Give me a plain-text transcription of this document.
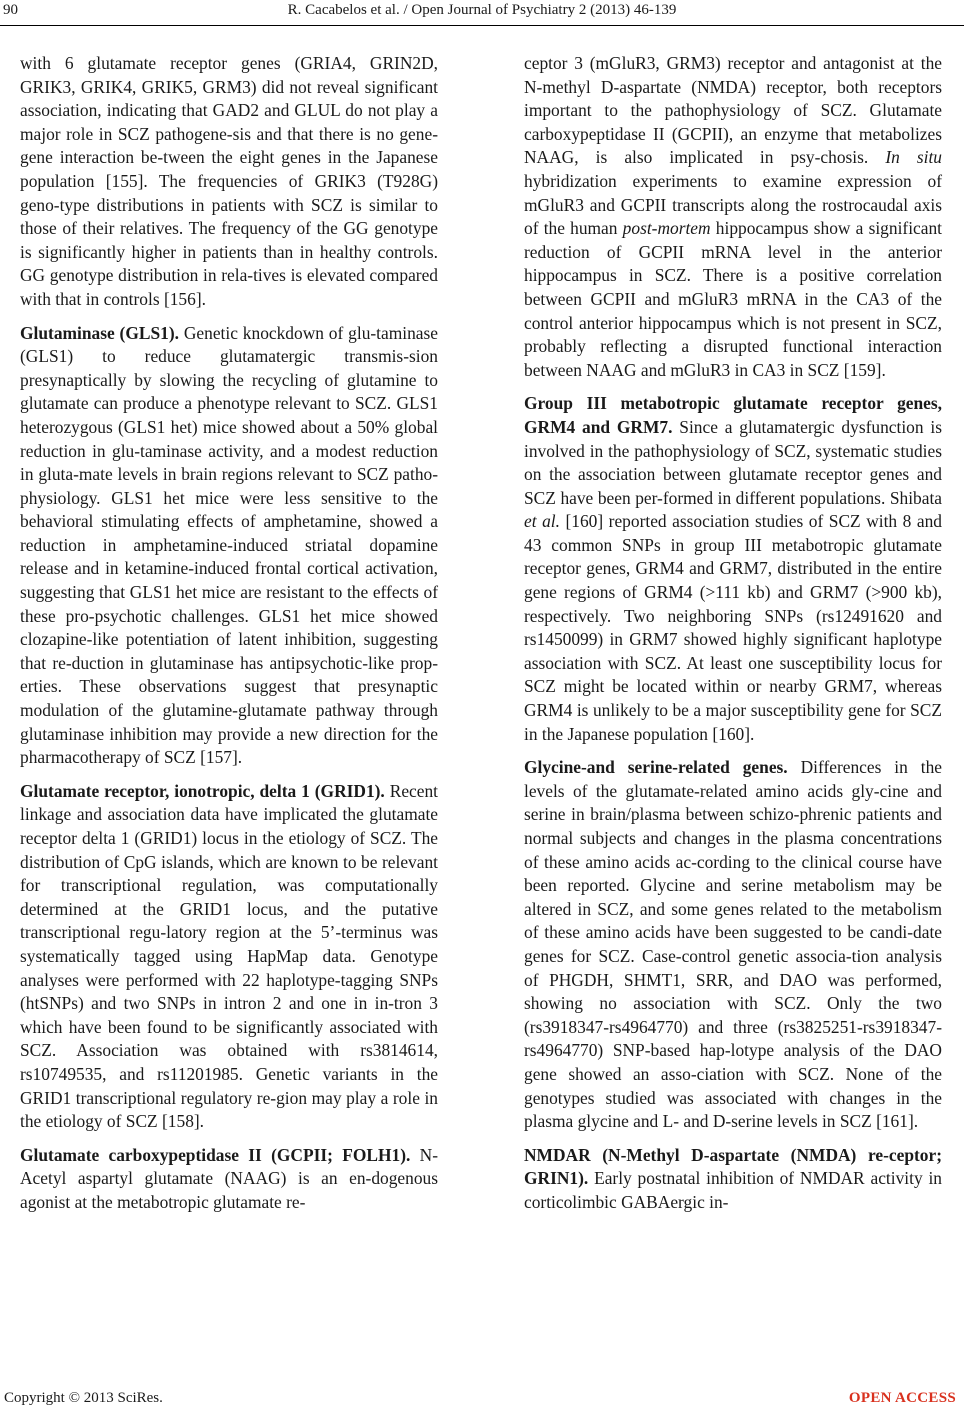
90	R. Cacabelos et al. / Open Journal of Psychiatry 2 (2013) 46-139

with 6 glutamate receptor genes (GRIA4, GRIN2D, GRIK3, GRIK4, GRIK5, GRM3) did not reveal significant association, indicating that GAD2 and GLUL do not play a major role in SCZ pathogene-sis and that there is no gene-gene interaction be-tween the eight genes in the Japanese population [155]. The frequencies of GRIK3 (T928G) geno-type distributions in patients with SCZ is similar to those of their relatives. The frequency of the GG genotype is significantly higher in patients than in healthy controls. GG genotype distribution in rela-tives is elevated compared with that in controls [156].

Glutaminase (GLS1). Genetic knockdown of glu-taminase (GLS1) to reduce glutamatergic transmis-sion presynaptically by slowing the recycling of glutamine to glutamate can produce a phenotype relevant to SCZ. GLS1 heterozygous (GLS1 het) mice showed about a 50% global reduction in glu-taminase activity, and a modest reduction in gluta-mate levels in brain regions relevant to SCZ patho-physiology. GLS1 het mice were less sensitive to the behavioral stimulating effects of amphetamine, showed a reduction in amphetamine-induced striatal dopamine release and in ketamine-induced frontal cortical activation, suggesting that GLS1 het mice are resistant to the effects of these pro-psychotic challenges. GLS1 het mice showed clozapine-like potentiation of latent inhibition, suggesting that re-duction in glutaminase has antipsychotic-like prop-erties. These observations suggest that presynaptic modulation of the glutamine-glutamate pathway through glutaminase inhibition may provide a new direction for the pharmacotherapy of SCZ [157].

Glutamate receptor, ionotropic, delta 1 (GRID1). Recent linkage and association data have implicated the glutamate receptor delta 1 (GRID1) locus in the etiology of SCZ. The distribution of CpG islands, which are known to be relevant for transcriptional regulation, was computationally determined at the GRID1 locus, and the putative transcriptional regu-latory region at the 5’-terminus was systematically tagged using HapMap data. Genotype analyses were performed with 22 haplotype-tagging SNPs (htSNPs) and two SNPs in intron 2 and one in in-tron 3 which have been found to be significantly associated with SCZ. Association was obtained with rs3814614, rs10749535, and rs11201985. Genetic variants in the GRID1 transcriptional regulatory re-gion may play a role in the etiology of SCZ [158].

Glutamate carboxypeptidase II (GCPII; FOLH1). N-Acetyl aspartyl glutamate (NAAG) is an en-dogenous agonist at the metabotropic glutamate re-

ceptor 3 (mGluR3, GRM3) receptor and antagonist at the N-methyl D-aspartate (NMDA) receptor, both receptors important to the pathophysiology of SCZ. Glutamate carboxypeptidase II (GCPII), an enzyme that metabolizes NAAG, is also implicated in psy-chosis. In situ hybridization experiments to examine expression of mGluR3 and GCPII transcripts along the rostrocaudal axis of the human post-mortem hippocampus show a significant reduction of GCPII mRNA level in the anterior hippocampus in SCZ. There is a positive correlation between GCPII and mGluR3 mRNA in the CA3 of the control anterior hippocampus which is not present in SCZ, probably reflecting a disrupted functional interaction between NAAG and mGluR3 in CA3 in SCZ [159].

Group III metabotropic glutamate receptor genes, GRM4 and GRM7. Since a glutamatergic dysfunction is involved in the pathophysiology of SCZ, systematic studies on the association between glutamate receptor genes and SCZ have been per-formed in different populations. Shibata et al. [160] reported association studies of SCZ with 8 and 43 common SNPs in group III metabotropic glutamate receptor genes, GRM4 and GRM7, distributed in the entire gene regions of GRM4 (>111 kb) and GRM7 (>900 kb), respectively. Two neighboring SNPs (rs12491620 and rs1450099) in GRM7 showed highly significant haplotype association with SCZ. At least one susceptibility locus for SCZ might be located within or nearby GRM7, whereas GRM4 is unlikely to be a major susceptibility gene for SCZ in the Japanese population [160].

Glycine-and serine-related genes. Differences in the levels of the glutamate-related amino acids gly-cine and serine in brain/plasma between schizo-phrenic patients and normal subjects and changes in the plasma concentrations of these amino acids ac-cording to the clinical course have been reported. Glycine and serine metabolism may be altered in SCZ, and some genes related to the metabolism of these amino acids have been suggested to be candi-date genes for SCZ. Case-control genetic associa-tion analysis of PHGDH, SHMT1, SRR, and DAO was performed, showing no association with SCZ. Only the two (rs3918347-rs4964770) and three (rs3825251-rs3918347-rs4964770) SNP-based hap-lotype analysis of the DAO gene showed an asso-ciation with SCZ. None of the genotypes studied was associated with changes in the plasma glycine and L- and D-serine levels in SCZ [161].

NMDAR (N-Methyl D-aspartate (NMDA) re-ceptor; GRIN1). Early postnatal inhibition of NMDAR activity in corticolimbic GABAergic in-

Copyright © 2013 SciRes.	OPEN ACCESS
